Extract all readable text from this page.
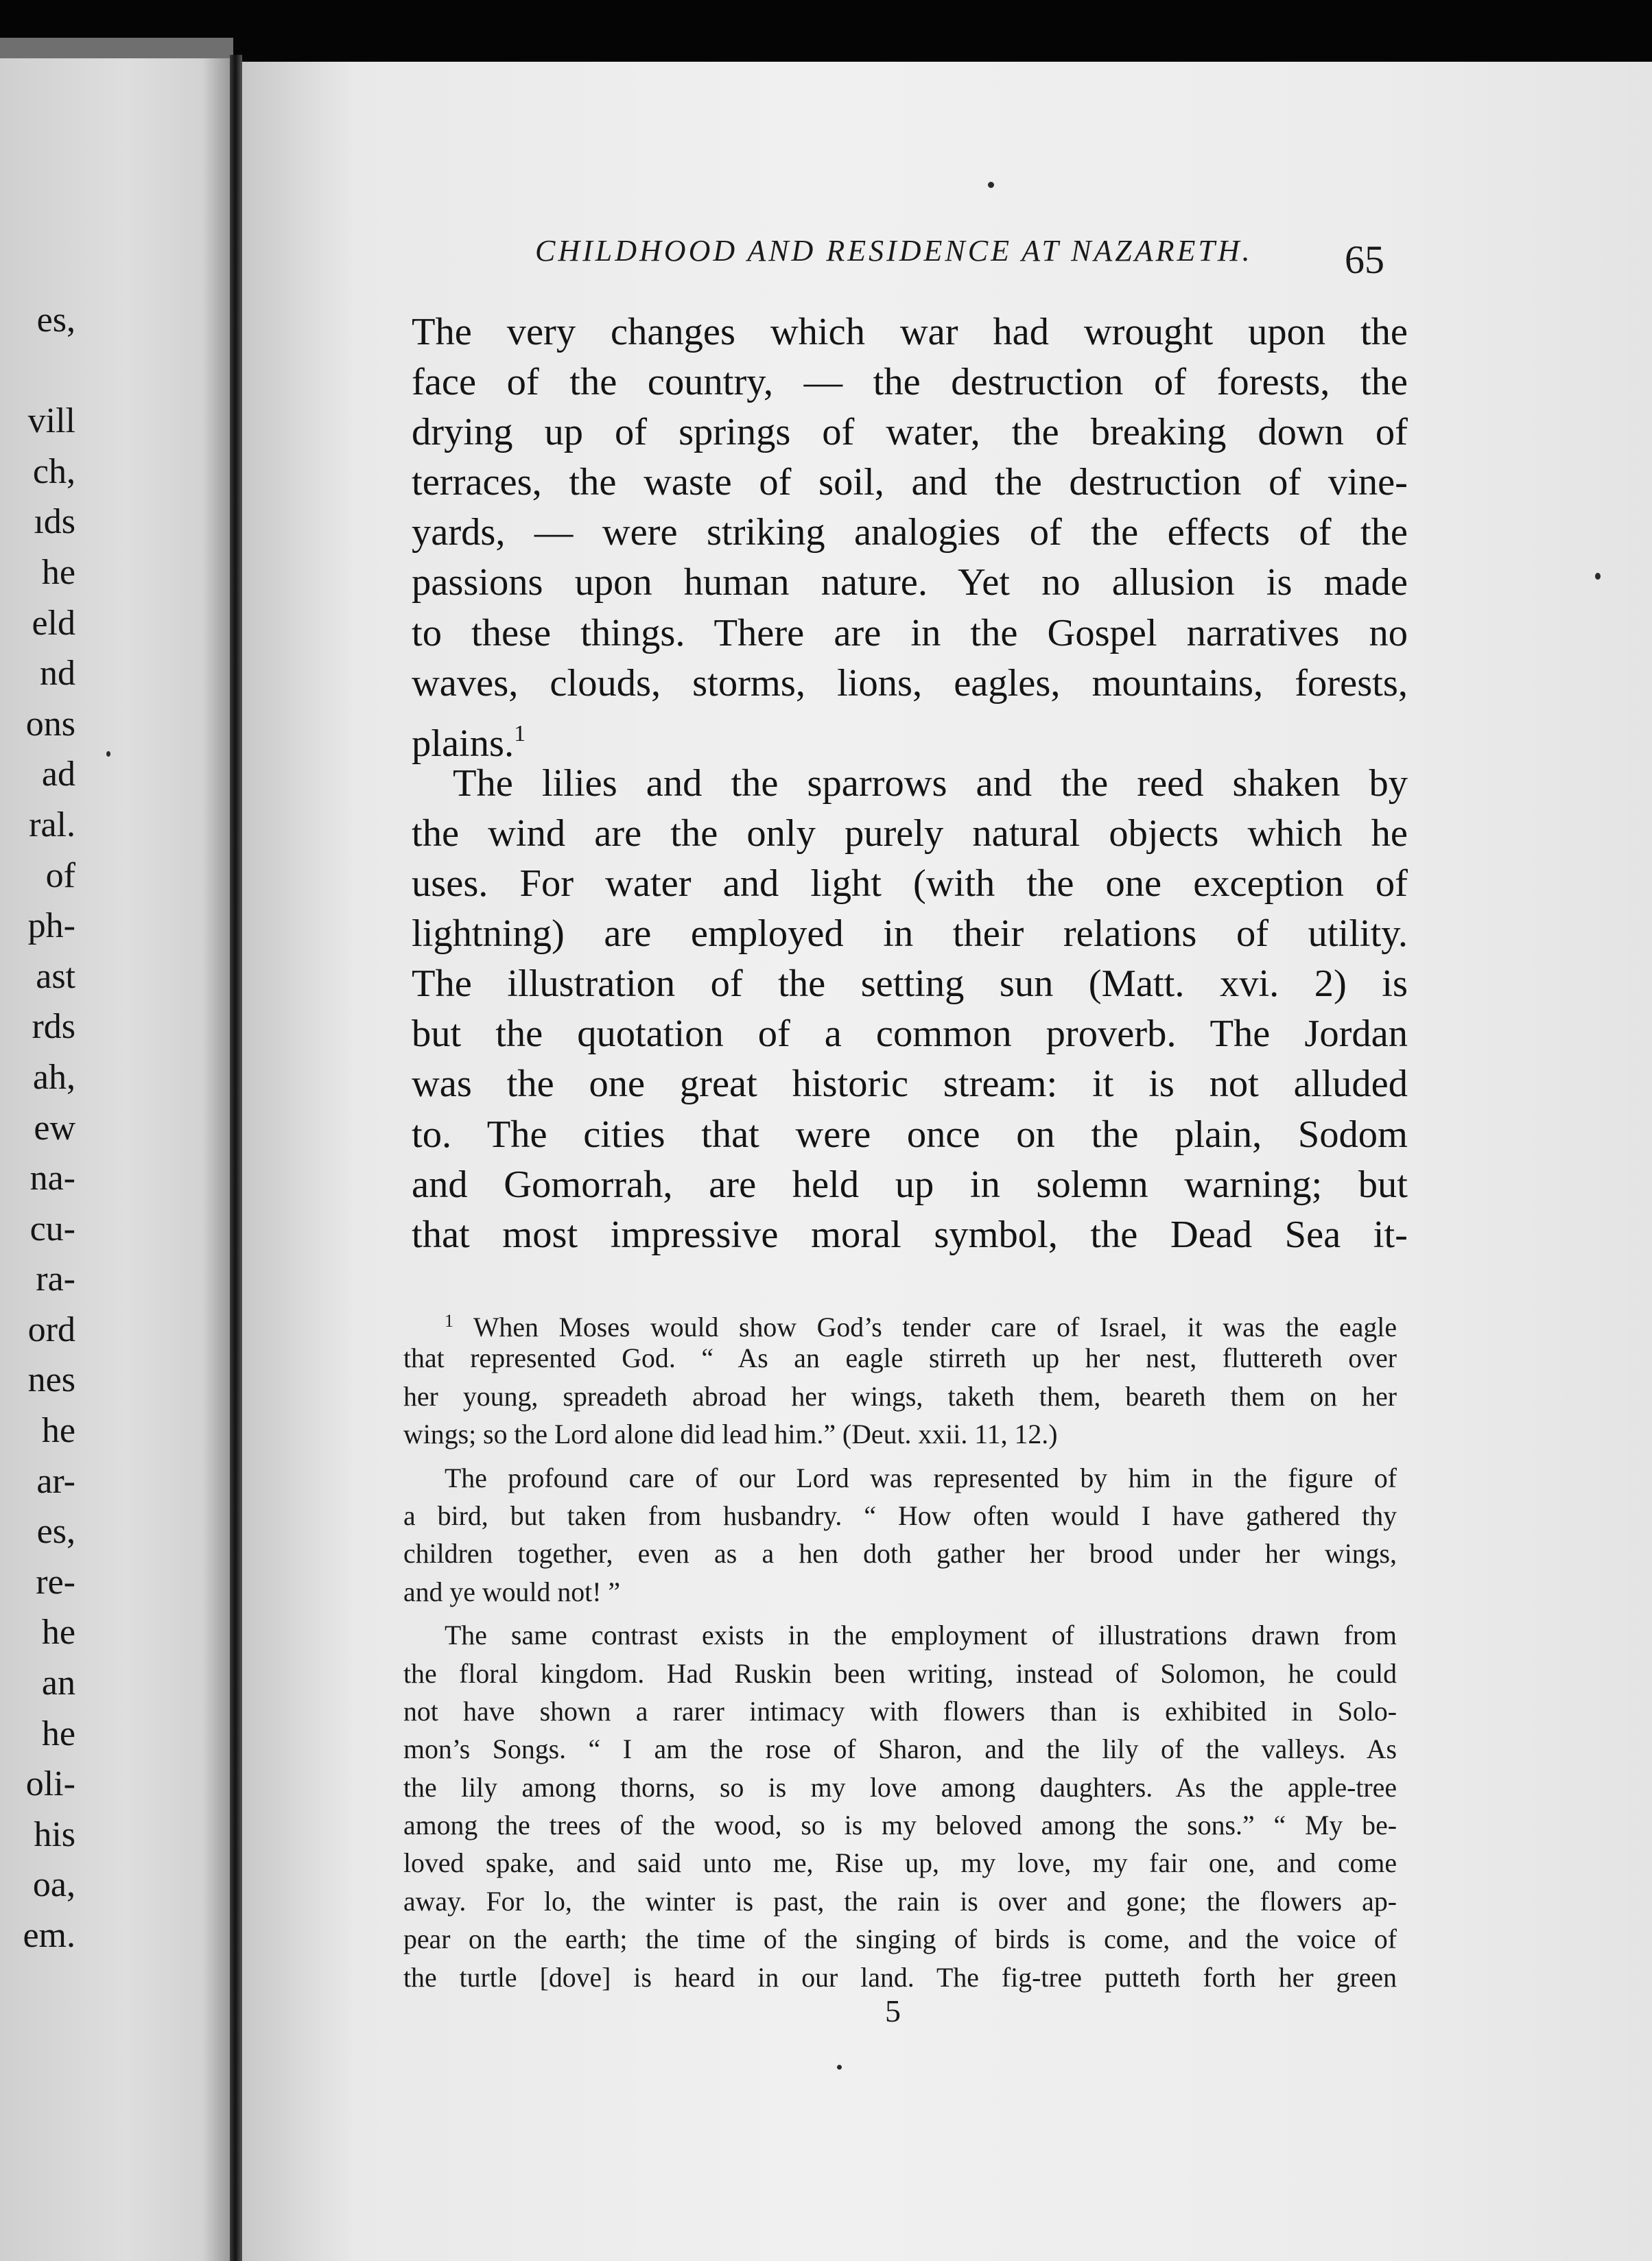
es,
vill
ch,
ıds
he
eld
nd
ons
ad
ral.
of
ph-
ast
rds
ah,
ew
na-
cu-
ra-
ord
nes
he
ar-
es,
re-
he
an
he
oli-
his
oa,
em.
CHILDHOOD AND RESIDENCE AT NAZARETH.	65
The very changes which war had wrought upon the
face of the country, — the destruction of forests, the
drying up of springs of water, the breaking down of
terraces, the waste of soil, and the destruction of vine-
yards, — were striking analogies of the effects of the
passions upon human nature. Yet no allusion is made
to these things. There are in the Gospel narratives no
waves, clouds, storms, lions, eagles, mountains, forests,
plains.$^1$
The lilies and the sparrows and the reed shaken by
the wind are the only purely natural objects which he
uses. For water and light (with the one exception of
lightning) are employed in their relations of utility.
The illustration of the setting sun (Matt. xvi. 2) is
but the quotation of a common proverb. The Jordan
was the one great historic stream: it is not alluded
to. The cities that were once on the plain, Sodom
and Gomorrah, are held up in solemn warning; but
that most impressive moral symbol, the Dead Sea it-
$^1$ When Moses would show God’s tender care of Israel, it was the eagle
that represented God. “ As an eagle stirreth up her nest, fluttereth over
her young, spreadeth abroad her wings, taketh them, beareth them on her
wings; so the Lord alone did lead him.” (Deut. xxii. 11, 12.)
The profound care of our Lord was represented by him in the figure of
a bird, but taken from husbandry. “ How often would I have gathered thy
children together, even as a hen doth gather her brood under her wings,
and ye would not! ”
The same contrast exists in the employment of illustrations drawn from
the floral kingdom. Had Ruskin been writing, instead of Solomon, he could
not have shown a rarer intimacy with flowers than is exhibited in Solo-
mon’s Songs. “ I am the rose of Sharon, and the lily of the valleys. As
the lily among thorns, so is my love among daughters. As the apple-tree
among the trees of the wood, so is my beloved among the sons.” “ My be-
loved spake, and said unto me, Rise up, my love, my fair one, and come
away. For lo, the winter is past, the rain is over and gone; the flowers ap-
pear on the earth; the time of the singing of birds is come, and the voice of
the turtle [dove] is heard in our land. The fig-tree putteth forth her green
5
